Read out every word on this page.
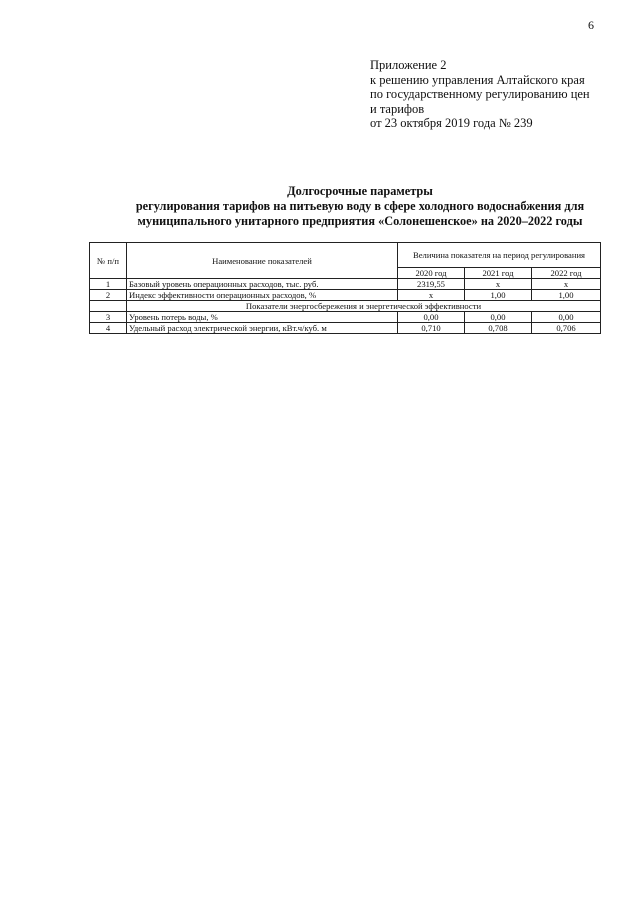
6
Приложение 2
к решению управления Алтайского края
по государственному регулированию цен
и тарифов
от 23 октября 2019 года № 239
Долгосрочные параметры
регулирования тарифов на питьевую воду в сфере холодного водоснабжения для
муниципального унитарного предприятия «Солонешенское» на 2020–2022 годы
№ п/п	Наименование показателей	Величина показателя на период регулирования		
		2020 год	2021 год	2022 год
1	Базовый уровень операционных расходов, тыс. руб.	2319,55	x	x
2	Индекс эффективности операционных расходов, %	x	1,00	1,00
	Показатели энергосбережения и энергетической эффективности			
3	Уровень потерь воды, %	0,00	0,00	0,00
4	Удельный расход электрической энергии, кВт.ч/куб. м	0,710	0,708	0,706
